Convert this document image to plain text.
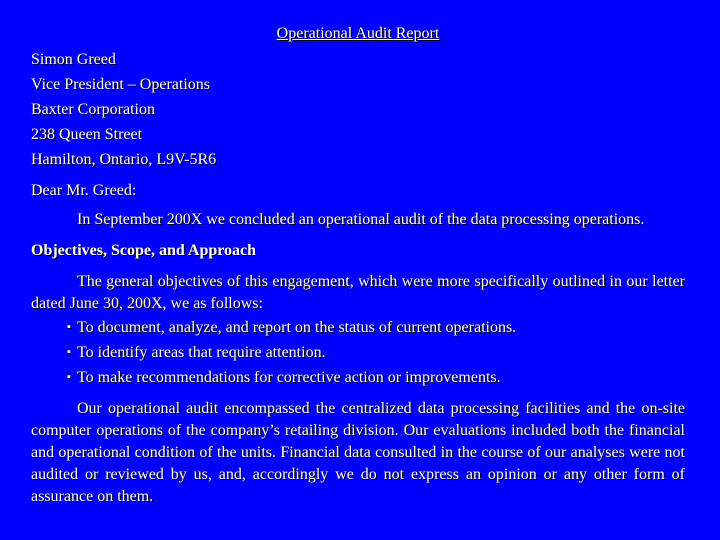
Operational Audit Report
Simon Greed
Vice President – Operations
Baxter Corporation
238 Queen Street
Hamilton, Ontario, L9V-5R6
Dear Mr. Greed:
In September 200X we concluded an operational audit of the data processing operations.
Objectives, Scope, and Approach
The general objectives of this engagement, which were more specifically outlined in our letter dated June 30, 200X, we as follows:
▪ To document, analyze, and report on the status of current operations.
▪ To identify areas that require attention.
▪ To make recommendations for corrective action or improvements.
Our operational audit encompassed the centralized data processing facilities and the on-site computer operations of the company’s retailing division. Our evaluations included both the financial and operational condition of the units. Financial data consulted in the course of our analyses were not audited or reviewed by us, and, accordingly we do not express an opinion or any other form of assurance on them.
